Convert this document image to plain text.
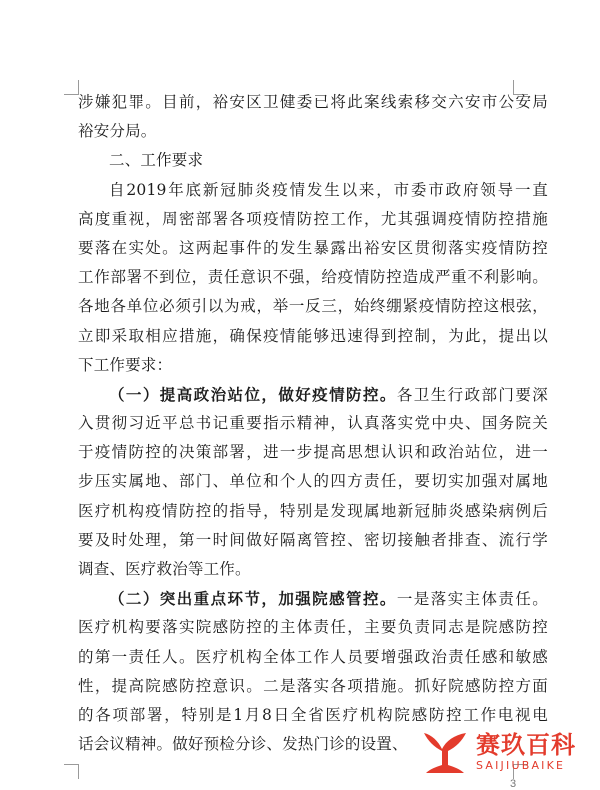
涉嫌犯罪。目前，裕安区卫健委已将此案线索移交六安市公安局
裕安分局。
二、工作要求
自2019年底新冠肺炎疫情发生以来，市委市政府领导一直
高度重视，周密部署各项疫情防控工作，尤其强调疫情防控措施
要落在实处。这两起事件的发生暴露出裕安区贯彻落实疫情防控
工作部署不到位，责任意识不强，给疫情防控造成严重不利影响。
各地各单位必须引以为戒，举一反三，始终绷紧疫情防控这根弦，
立即采取相应措施，确保疫情能够迅速得到控制，为此，提出以
下工作要求：
（一）提高政治站位，做好疫情防控。各卫生行政部门要深
入贯彻习近平总书记重要指示精神，认真落实党中央、国务院关
于疫情防控的决策部署，进一步提高思想认识和政治站位，进一
步压实属地、部门、单位和个人的四方责任，要切实加强对属地
医疗机构疫情防控的指导，特别是发现属地新冠肺炎感染病例后
要及时处理，第一时间做好隔离管控、密切接触者排查、流行学
调查、医疗救治等工作。
（二）突出重点环节，加强院感管控。一是落实主体责任。
医疗机构要落实院感防控的主体责任，主要负责同志是院感防控
的第一责任人。医疗机构全体工作人员要增强政治责任感和敏感
性，提高院感防控意识。二是落实各项措施。抓好院感防控方面
的各项部署，特别是1月8日全省医疗机构院感防控工作电视电
话会议精神。做好预检分诊、发热门诊的设置、	赛玖百科
SAIJIUBAIKE
3
